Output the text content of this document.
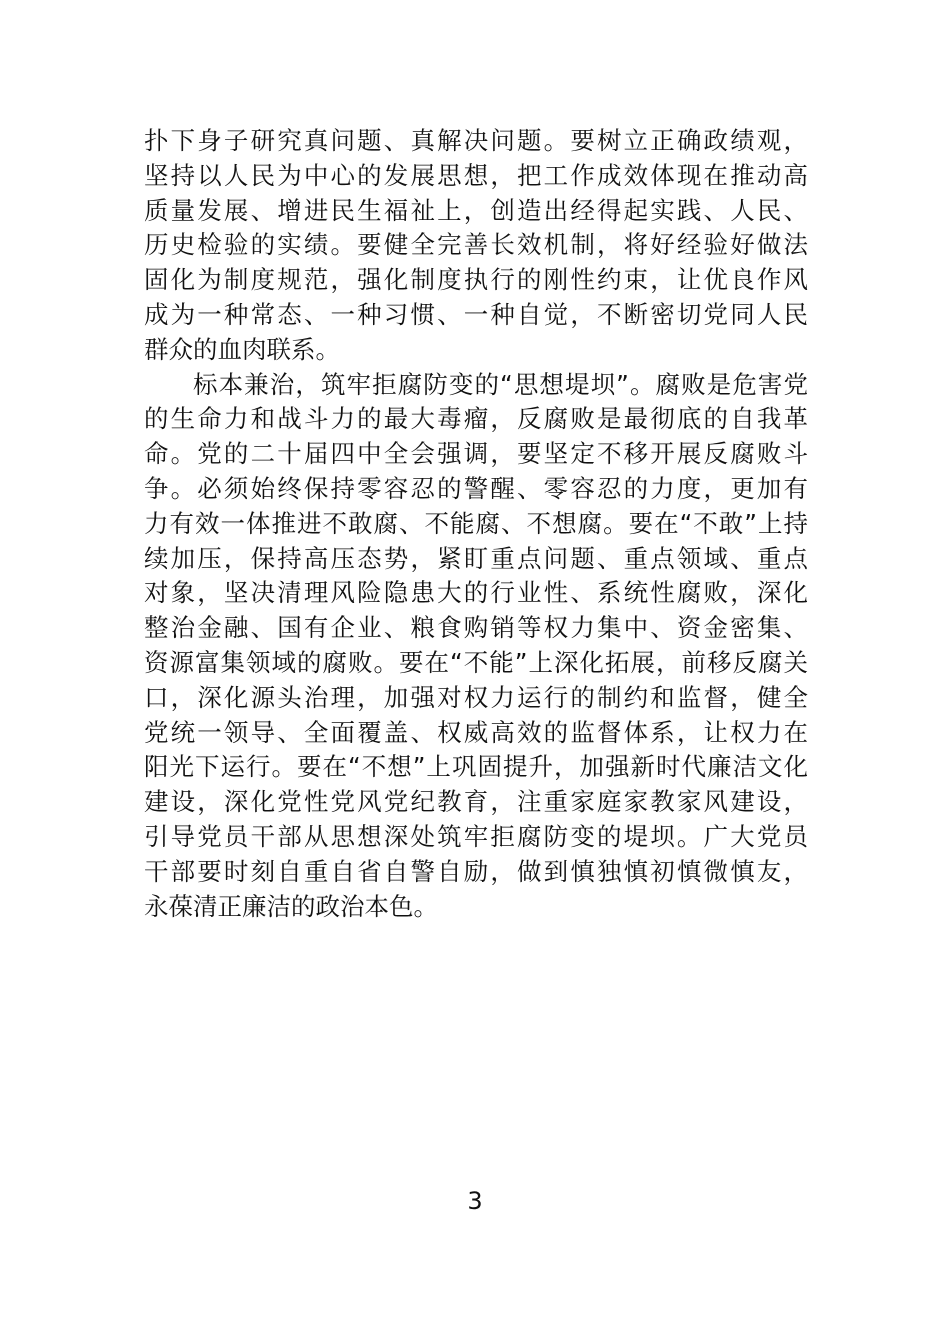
扑下身子研究真问题、真解决问题。要树立正确政绩观，
坚持以人民为中心的发展思想，把工作成效体现在推动高
质量发展、增进民生福祉上，创造出经得起实践、人民、
历史检验的实绩。要健全完善长效机制，将好经验好做法
固化为制度规范，强化制度执行的刚性约束，让优良作风
成为一种常态、一种习惯、一种自觉，不断密切党同人民
群众的血肉联系。
标本兼治，筑牢拒腐防变的“思想堤坝”。腐败是危害党
的生命力和战斗力的最大毒瘤，反腐败是最彻底的自我革
命。党的二十届四中全会强调，要坚定不移开展反腐败斗
争。必须始终保持零容忍的警醒、零容忍的力度，更加有
力有效一体推进不敢腐、不能腐、不想腐。要在“不敢”上持
续加压，保持高压态势，紧盯重点问题、重点领域、重点
对象，坚决清理风险隐患大的行业性、系统性腐败，深化
整治金融、国有企业、粮食购销等权力集中、资金密集、
资源富集领域的腐败。要在“不能”上深化拓展，前移反腐关
口，深化源头治理，加强对权力运行的制约和监督，健全
党统一领导、全面覆盖、权威高效的监督体系，让权力在
阳光下运行。要在“不想”上巩固提升，加强新时代廉洁文化
建设，深化党性党风党纪教育，注重家庭家教家风建设，
引导党员干部从思想深处筑牢拒腐防变的堤坝。广大党员
干部要时刻自重自省自警自励，做到慎独慎初慎微慎友，
永葆清正廉洁的政治本色。
3
